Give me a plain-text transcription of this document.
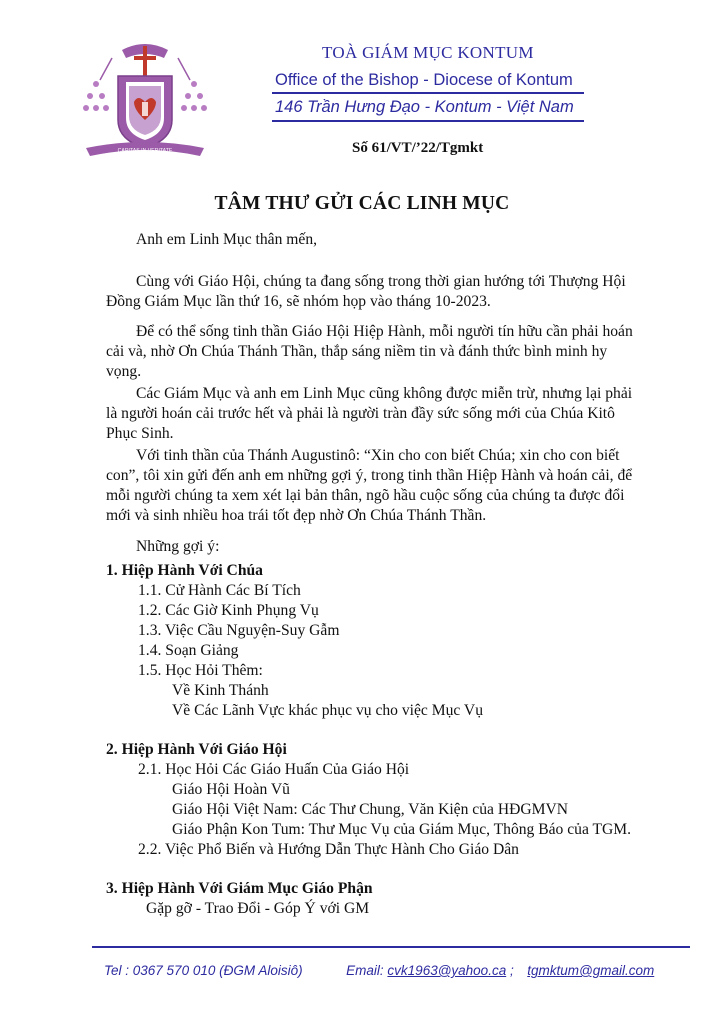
CARITAS IN VERITATE
TOÀ GIÁM MỤC KONTUM
Office of the Bishop - Diocese of Kontum
146 Trần Hưng Đạo - Kontum - Việt Nam
Số 61/VT/’22/Tgmkt
TÂM THƯ GỬI CÁC LINH MỤC
Anh em Linh Mục thân mến,
Cùng với Giáo Hội, chúng ta đang sống trong thời gian hướng tới Thượng Hội
Đồng Giám Mục lần thứ 16, sẽ nhóm họp vào tháng 10-2023.
Để có thể sống tinh thần Giáo Hội Hiệp Hành, mỗi người tín hữu cần phải hoán
cải và, nhờ Ơn Chúa Thánh Thần, thắp sáng niềm tin và đánh thức bình minh hy
vọng.
Các Giám Mục và anh em Linh Mục cũng không được miễn trừ, nhưng lại phải
là người hoán cải trước hết và phải là người tràn đầy sức sống mới của Chúa Kitô
Phục Sinh.
Với tinh thần của Thánh Augustinô: “Xin cho con biết Chúa; xin cho con biết
con”, tôi xin gửi đến anh em những gợi ý, trong tinh thần Hiệp Hành và hoán cải, để
mỗi người chúng ta xem xét lại bản thân, ngõ hầu cuộc sống của chúng ta được đổi
mới và sinh nhiều hoa trái tốt đẹp nhờ Ơn Chúa Thánh Thần.
Những gợi ý:
1. Hiệp Hành Với Chúa
1.1. Cử Hành Các Bí Tích
1.2. Các Giờ Kinh Phụng Vụ
1.3. Việc Cầu Nguyện-Suy Gẫm
1.4. Soạn Giảng
1.5. Học Hỏi Thêm:
Về Kinh Thánh
Về Các Lãnh Vực khác phục vụ cho việc Mục Vụ
2. Hiệp Hành Với Giáo Hội
2.1. Học Hỏi Các Giáo Huấn Của Giáo Hội
Giáo Hội Hoàn Vũ
Giáo Hội Việt Nam: Các Thư Chung, Văn Kiện của HĐGMVN
Giáo Phận Kon Tum: Thư Mục Vụ của Giám Mục, Thông Báo của TGM.
2.2. Việc Phổ Biến và Hướng Dẫn Thực Hành Cho Giáo Dân
3. Hiệp Hành Với Giám Mục Giáo Phận
Gặp gỡ - Trao Đổi - Góp Ý với GM
Tel : 0367 570 010 (ĐGM Aloisiô)	Email: cvk1963@yahoo.ca ; tgmktum@gmail.com
